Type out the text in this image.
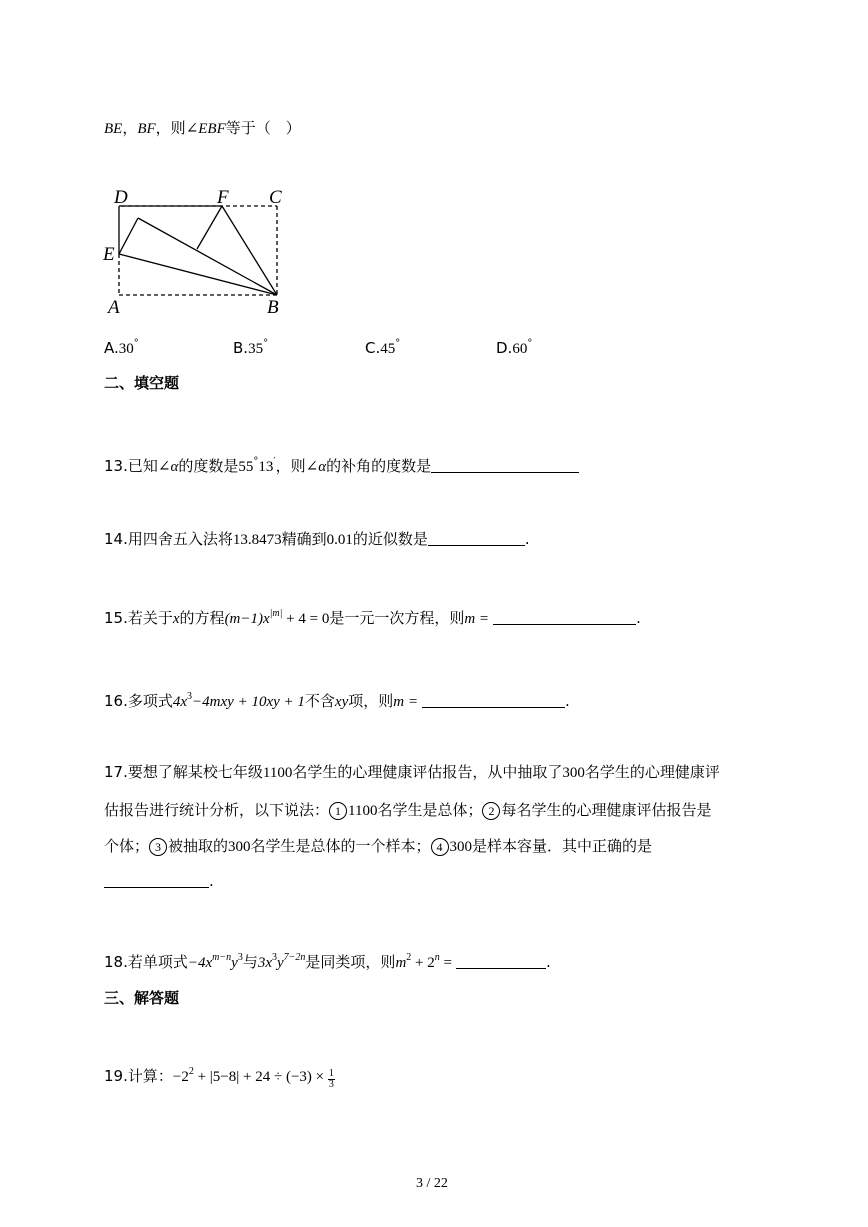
BE，BF，则∠EBF等于（　）
D	F C
E
A	B
A.30°	B.35°	C.45°	D.60°
二、填空题
13.已知∠α的度数是55°13′，则∠α的补角的度数是
14.用四舍五入法将13.8473精确到0.01的近似数是	.
15.若关于x的方程$(m-1)x^{|m|} + 4 = 0$是一元一次方程，则m =	.
16.多项式$4x^3-4mxy + 10xy + 1$不含xy项，则m =	.
17.要想了解某校七年级1100名学生的心理健康评估报告，从中抽取了300名学生的心理健康评
估报告进行统计分析，以下说法： 1 1100名学生是总体； 2 每名学生的心理健康评估报告是
个体； 3 被抽取的300名学生是总体的一个样本； 4 300是样本容量．其中正确的是
.
18.若单项式$-4x^{m-n}y^3$与$3x^3y^{7-2n}$是同类项，则$m^2 + 2^n$ =	.
三、解答题
19.计算：$-2^2 + |5-8| + 24 \div (-3) \times \frac{1}{3}$
3 / 22
